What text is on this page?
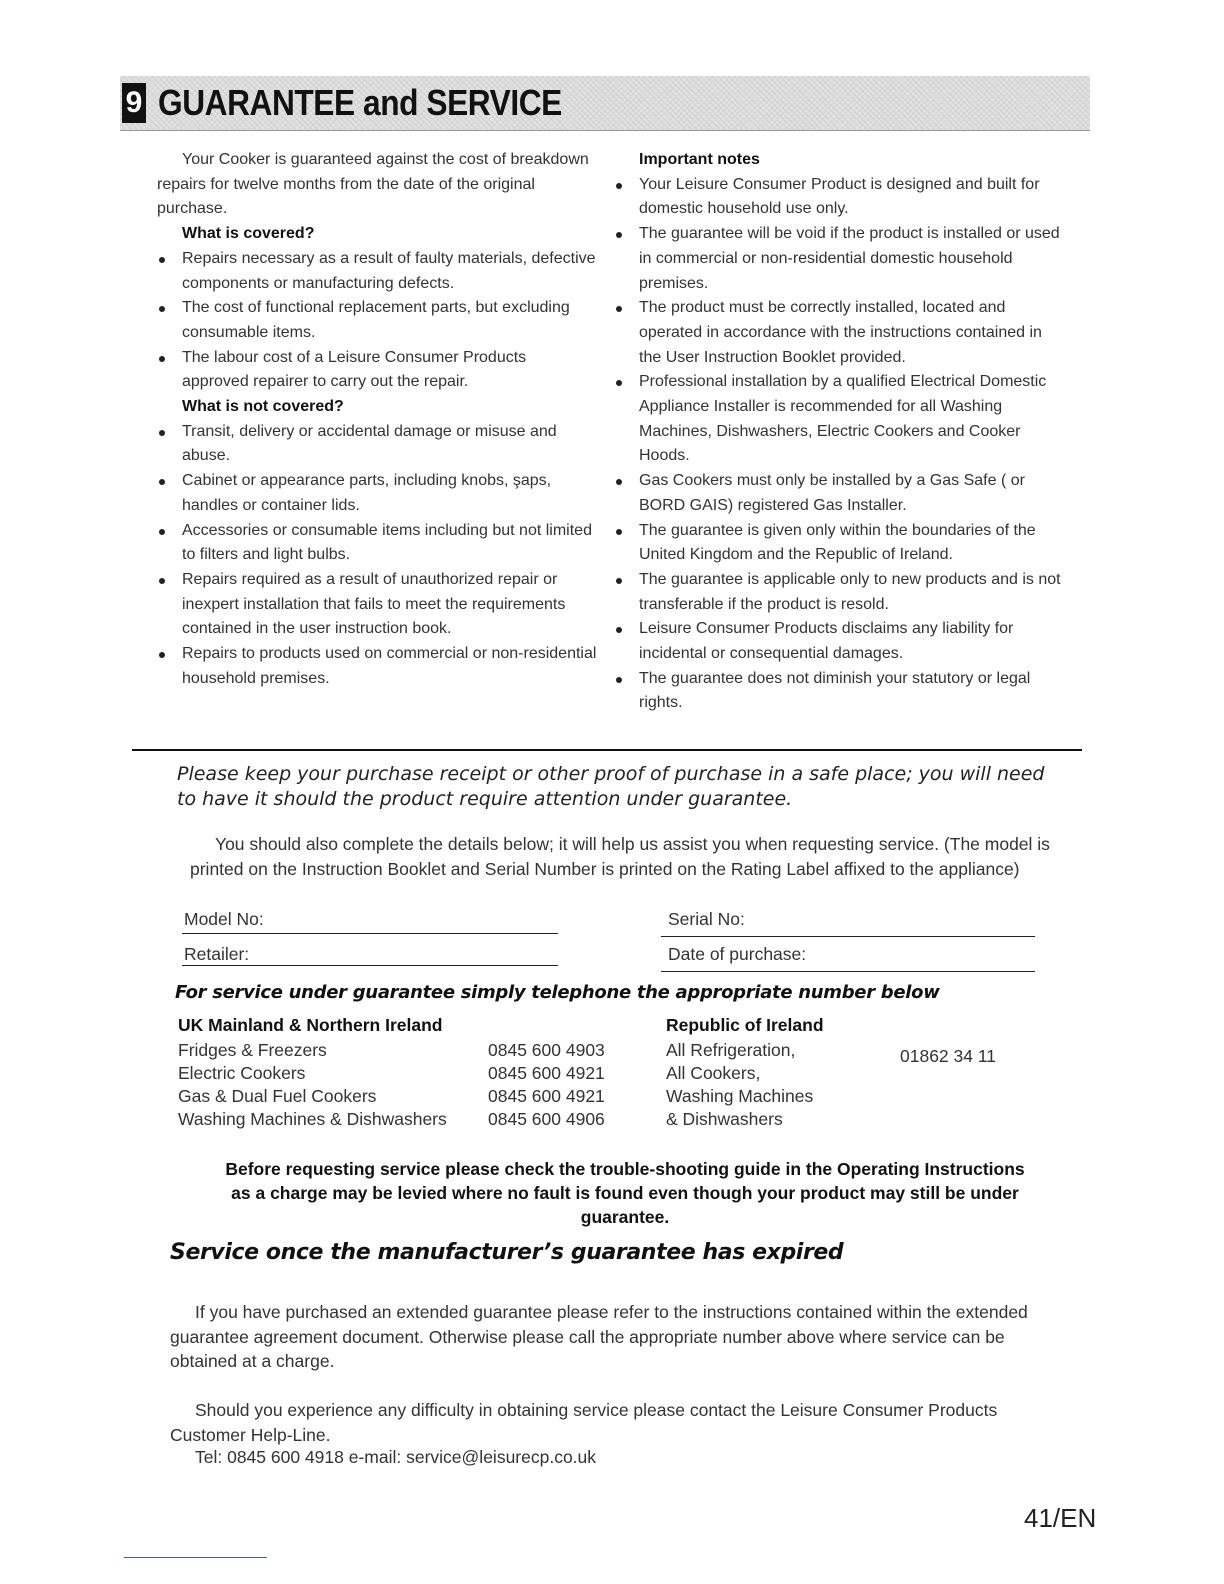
9 GUARANTEE and SERVICE

Your Cooker is guaranteed against the cost of breakdown repairs for twelve months from the date of the original purchase.

What is covered?

Repairs necessary as a result of faulty materials, defective components or manufacturing defects.
The cost of functional replacement parts, but excluding consumable items.
The labour cost of a Leisure Consumer Products approved repairer to carry out the repair.

What is not covered?

Transit, delivery or accidental damage or misuse and abuse.
Cabinet or appearance parts, including knobs, şaps, handles or container lids.
Accessories or consumable items including but not limited to filters and light bulbs.
Repairs required as a result of unauthorized repair or inexpert installation that fails to meet the requirements contained in the user instruction book.
Repairs to products used on commercial or non-residential household premises.

Important notes

Your Leisure Consumer Product is designed and built for domestic household use only.
The guarantee will be void if the product is installed or used in commercial or non-residential domestic household premises.
The product must be correctly installed, located and operated in accordance with the instructions contained in the User Instruction Booklet provided.
Professional installation by a qualified Electrical Domestic Appliance Installer is recommended for all Washing Machines, Dishwashers, Electric Cookers and Cooker Hoods.
Gas Cookers must only be installed by a Gas Safe ( or BORD GAIS) registered Gas Installer.
The guarantee is given only within the boundaries of the United Kingdom and the Republic of Ireland.
The guarantee is applicable only to new products and is not transferable if the product is resold.
Leisure Consumer Products disclaims any liability for incidental or consequential damages.
The guarantee does not diminish your statutory or legal rights.
Please keep your purchase receipt or other proof of purchase in a safe place; you will need to have it should the product require attention under guarantee.

You should also complete the details below; it will help us assist you when requesting service. (The model is printed on the Instruction Booklet and Serial Number is printed on the Rating Label affixed to the appliance)

Model No:	Serial No:
Retailer:	Date of purchase:
For service under guarantee simply telephone the appropriate number below
UK Mainland & Northern Ireland
Fridges & Freezers	0845 600 4903
Electric Cookers	0845 600 4921
Gas & Dual Fuel Cookers	0845 600 4921
Washing Machines & Dishwashers 0845 600 4906
Republic of Ireland
All Refrigeration,
All Cookers,
Washing Machines
& Dishwashers
01862 34 11
Before requesting service please check the trouble-shooting guide in the Operating Instructions as a charge may be levied where no fault is found even though your product may still be under guarantee.
Service once the manufacturer’s guarantee has expired

If you have purchased an extended guarantee please refer to the instructions contained within the extended guarantee agreement document. Otherwise please call the appropriate number above where service can be obtained at a charge.

Should you experience any difficulty in obtaining service please contact the Leisure Consumer Products Customer Help-Line.

Tel: 0845 600 4918 e-mail: service@leisurecp.co.uk
41/EN
